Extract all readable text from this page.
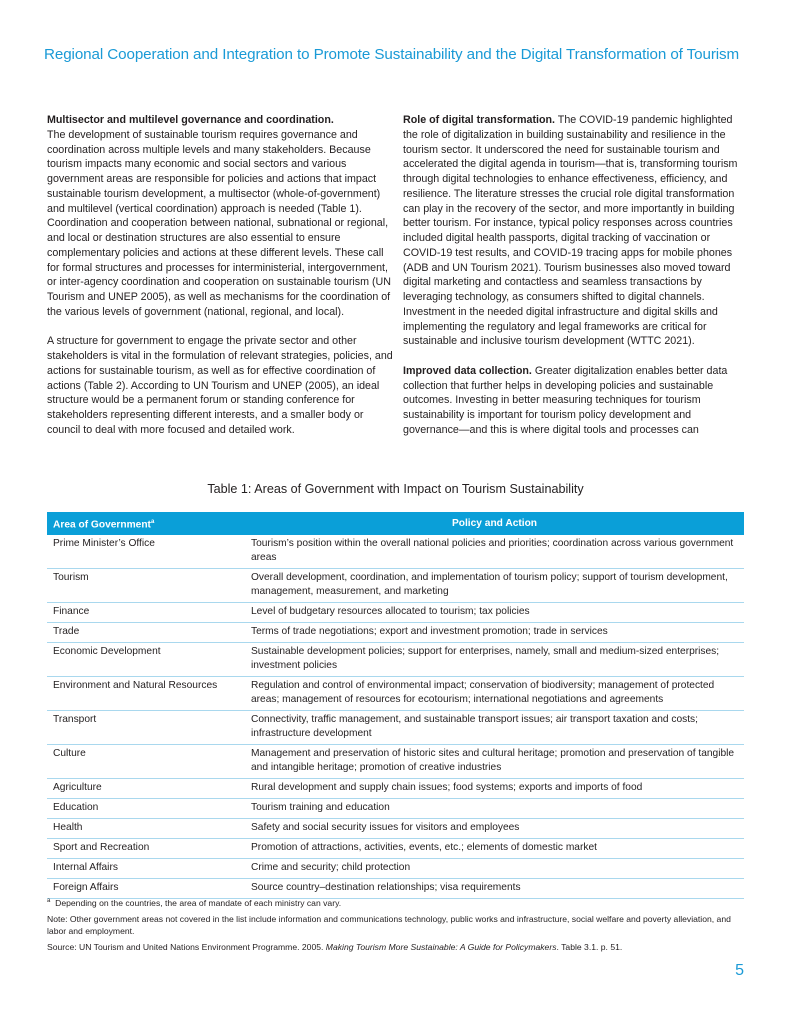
Regional Cooperation and Integration to Promote Sustainability and the Digital Transformation of Tourism

Multisector and multilevel governance and coordination.
The development of sustainable tourism requires governance and coordination across multiple levels and many stakeholders. Because tourism impacts many economic and social sectors and various government areas are responsible for policies and actions that impact sustainable tourism development, a multisector (whole-of-government) and multilevel (vertical coordination) approach is needed (Table 1). Coordination and cooperation between national, subnational or regional, and local or destination structures are also essential to ensure complementary policies and actions at these different levels. These call for formal structures and processes for interministerial, intergovernment, or inter-agency coordination and cooperation on sustainable tourism (UN Tourism and UNEP 2005), as well as mechanisms for the coordination of the various levels of government (national, regional, and local).

A structure for government to engage the private sector and other stakeholders is vital in the formulation of relevant strategies, policies, and actions for sustainable tourism, as well as for effective coordination of actions (Table 2). According to UN Tourism and UNEP (2005), an ideal structure would be a permanent forum or standing conference for stakeholders representing different interests, and a smaller body or council to deal with more focused and detailed work.

Role of digital transformation. The COVID-19 pandemic highlighted the role of digitalization in building sustainability and resilience in the tourism sector. It underscored the need for sustainable tourism and accelerated the digital agenda in tourism—that is, transforming tourism through digital technologies to enhance effectiveness, efficiency, and resilience. The literature stresses the crucial role digital transformation can play in the recovery of the sector, and more importantly in building better tourism. For instance, typical policy responses across countries included digital health passports, digital tracking of vaccination or COVID-19 test results, and COVID-19 tracing apps for mobile phones (ADB and UN Tourism 2021). Tourism businesses also moved toward digital marketing and contactless and seamless transactions by leveraging technology, as consumers shifted to digital channels. Investment in the needed digital infrastructure and digital skills and implementing the regulatory and legal frameworks are critical for sustainable and inclusive tourism development (WTTC 2021).

Improved data collection. Greater digitalization enables better data collection that further helps in developing policies and sustainable outcomes. Investing in better measuring techniques for tourism sustainability is important for tourism policy development and governance—and this is where digital tools and processes can

Table 1: Areas of Government with Impact on Tourism Sustainability
Area of Government$^a$	Policy and Action
Prime Minister’s Office	Tourism’s position within the overall national policies and priorities; coordination across various government areas
Tourism	Overall development, coordination, and implementation of tourism policy; support of tourism development, management, measurement, and marketing
Finance	Level of budgetary resources allocated to tourism; tax policies
Trade	Terms of trade negotiations; export and investment promotion; trade in services
Economic Development	Sustainable development policies; support for enterprises, namely, small and medium-sized enterprises; investment policies
Environment and Natural Resources	Regulation and control of environmental impact; conservation of biodiversity; management of protected areas; management of resources for ecotourism; international negotiations and agreements
Transport	Connectivity, traffic management, and sustainable transport issues; air transport taxation and costs; infrastructure development
Culture	Management and preservation of historic sites and cultural heritage; promotion and preservation of tangible and intangible heritage; promotion of creative industries
Agriculture	Rural development and supply chain issues; food systems; exports and imports of food
Education	Tourism training and education
Health	Safety and social security issues for visitors and employees
Sport and Recreation	Promotion of attractions, activities, events, etc.; elements of domestic market
Internal Affairs	Crime and security; child protection
Foreign Affairs	Source country–destination relationships; visa requirements
$^a$ Depending on the countries, the area of mandate of each ministry can vary.
Note: Other government areas not covered in the list include information and communications technology, public works and infrastructure, social welfare and poverty alleviation, and labor and employment.
Source: UN Tourism and United Nations Environment Programme. 2005. Making Tourism More Sustainable: A Guide for Policymakers. Table 3.1. p. 51.
5
